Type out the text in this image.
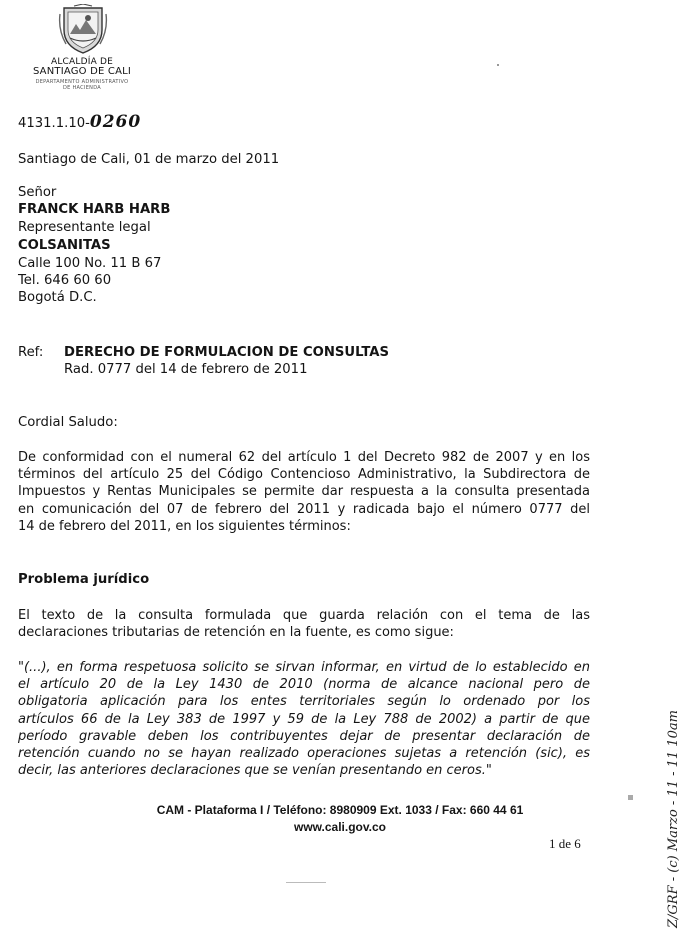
ALCALDÍA DE
SANTIAGO DE CALI
DEPARTAMENTO ADMINISTRATIVO
DE HACIENDA
4131.1.10-0260
Santiago de Cali, 01 de marzo del 2011
Señor
FRANCK HARB HARB
Representante legal
COLSANITAS
Calle 100 No. 11 B 67
Tel. 646 60 60
Bogotá D.C.
Ref: DERECHO DE FORMULACION DE CONSULTAS
Rad. 0777 del 14 de febrero de 2011
Cordial Saludo:
De conformidad con el numeral 62 del artículo 1 del Decreto 982 de 2007 y en los
términos del artículo 25 del Código Contencioso Administrativo, la Subdirectora de
Impuestos y Rentas Municipales se permite dar respuesta a la consulta presentada
en comunicación del 07 de febrero del 2011 y radicada bajo el número 0777 del
14 de febrero del 2011, en los siguientes términos:
Problema jurídico
El texto de la consulta formulada que guarda relación con el tema de las
declaraciones tributarias de retención en la fuente, es como sigue:
"(...), en forma respetuosa solicito se sirvan informar, en virtud de lo establecido en
el artículo 20 de la Ley 1430 de 2010 (norma de alcance nacional pero de
obligatoria aplicación para los entes territoriales según lo ordenado por los
artículos 66 de la Ley 383 de 1997 y 59 de la Ley 788 de 2002) a partir de que
período gravable deben los contribuyentes dejar de presentar declaración de
retención cuando no se hayan realizado operaciones sujetas a retención (sic), es
decir, las anteriores declaraciones que se venían presentando en ceros."
CAM - Plataforma I / Teléfono: 8980909 Ext. 1033 / Fax: 660 44 61
www.cali.gov.co
1 de 6	Z/GRF - (c) Marzo - 11 - 11 10am
